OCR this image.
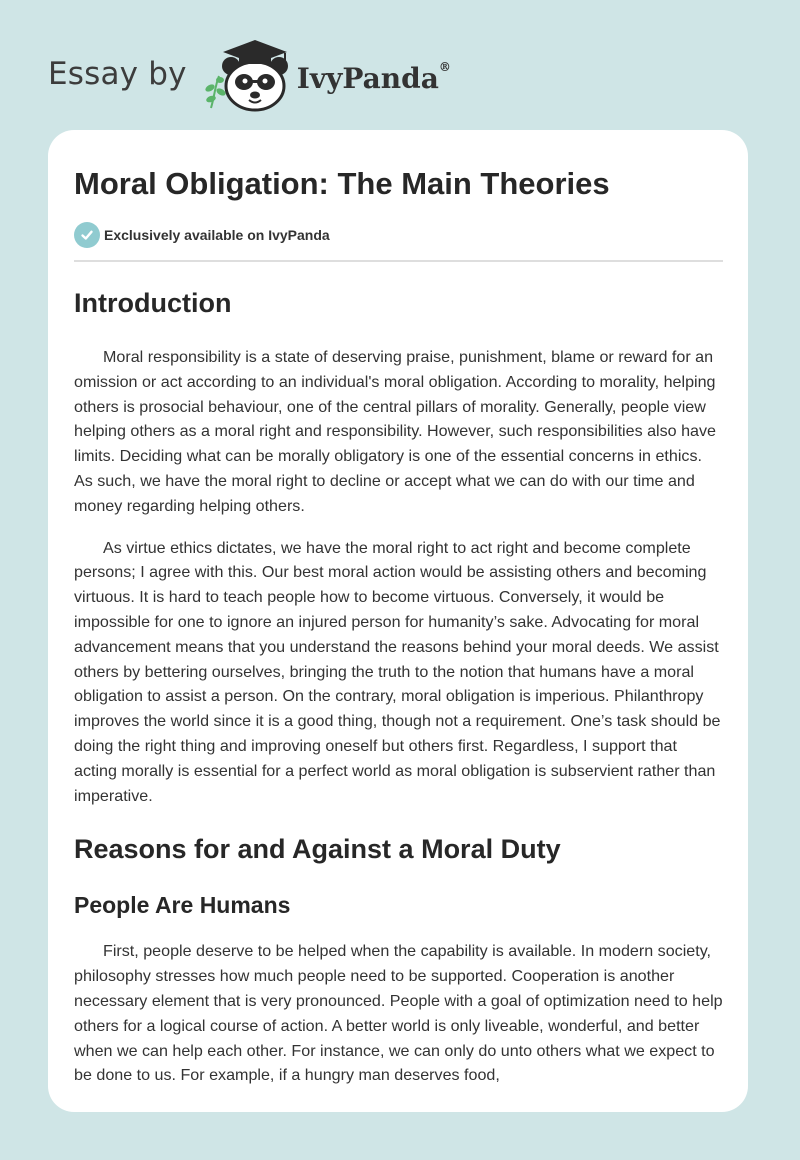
Essay by	IvyPanda®
Moral Obligation: The Main Theories
Exclusively available on IvyPanda
Introduction

Moral responsibility is a state of deserving praise, punishment, blame or reward for an omission or act according to an individual's moral obligation. According to morality, helping others is prosocial behaviour, one of the central pillars of morality. Generally, people view helping others as a moral right and responsibility. However, such responsibilities also have limits. Deciding what can be morally obligatory is one of the essential concerns in ethics. As such, we have the moral right to decline or accept what we can do with our time and money regarding helping others.

As virtue ethics dictates, we have the moral right to act right and become complete persons; I agree with this. Our best moral action would be assisting others and becoming virtuous. It is hard to teach people how to become virtuous. Conversely, it would be impossible for one to ignore an injured person for humanity’s sake. Advocating for moral advancement means that you understand the reasons behind your moral deeds. We assist others by bettering ourselves, bringing the truth to the notion that humans have a moral obligation to assist a person. On the contrary, moral obligation is imperious. Philanthropy improves the world since it is a good thing, though not a requirement. One’s task should be doing the right thing and improving oneself but others first. Regardless, I support that acting morally is essential for a perfect world as moral obligation is subservient rather than imperative.

Reasons for and Against a Moral Duty
People Are Humans

First, people deserve to be helped when the capability is available. In modern society, philosophy stresses how much people need to be supported. Cooperation is another necessary element that is very pronounced. People with a goal of optimization need to help others for a logical course of action. A better world is only liveable, wonderful, and better when we can help each other. For instance, we can only do unto others what we expect to be done to us. For example, if a hungry man deserves food,
